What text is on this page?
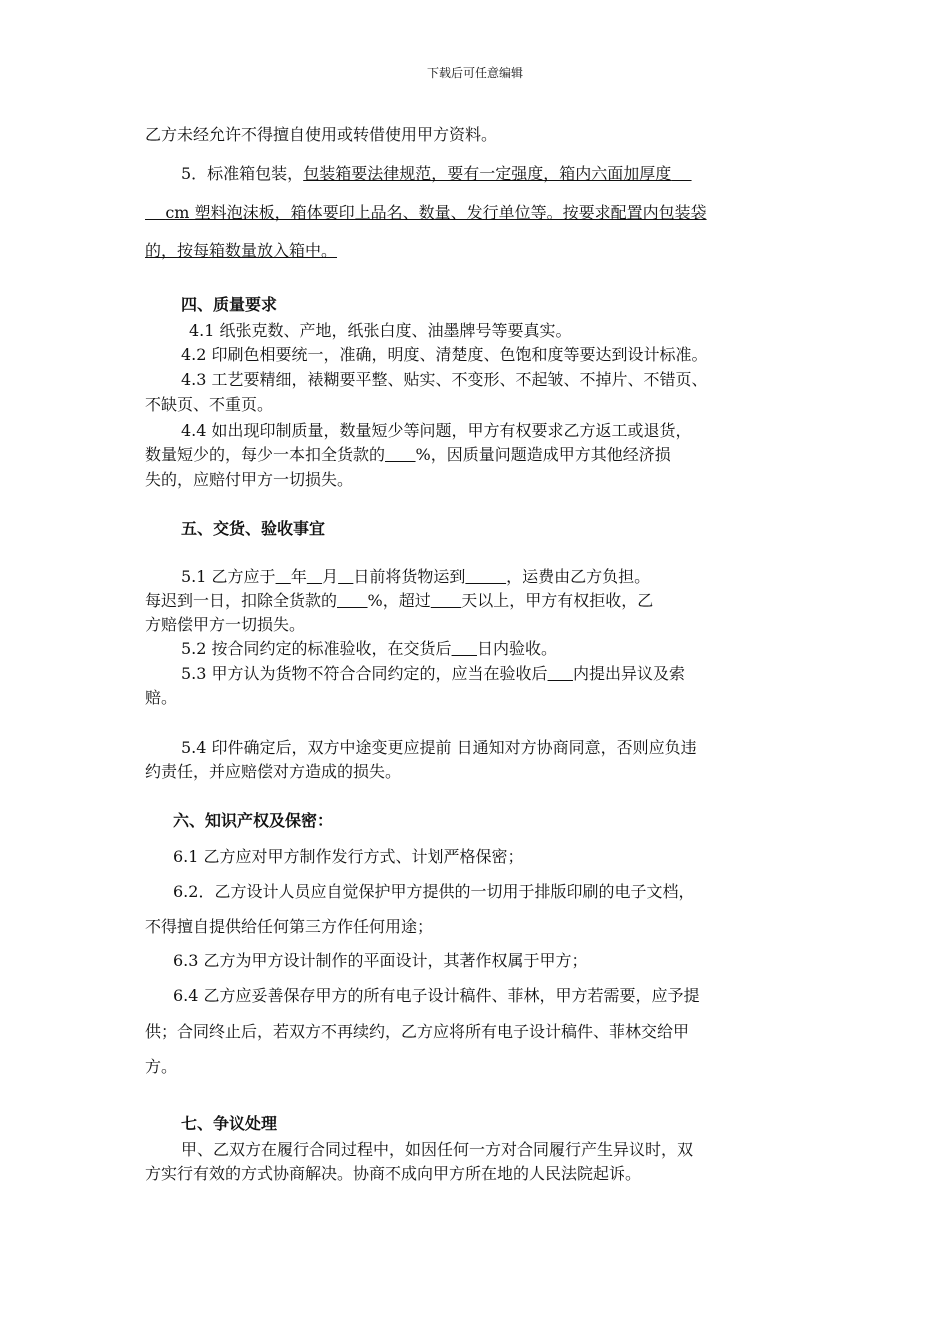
下载后可任意编辑

乙方未经允许不得擅自使用或转借使用甲方资料。

5．标准箱包装，包装箱要法律规范，要有一定强度，箱内六面加厚度

cm 塑料泡沫板，箱体要印上品名、数量、发行单位等。按要求配置内包装袋

的，按每箱数量放入箱中。

四、质量要求

4.1 纸张克数、产地，纸张白度、油墨牌号等要真实。

4.2 印刷色相要统一，准确，明度、清楚度、色饱和度等要达到设计标准。

4.3 工艺要精细，裱糊要平整、贴实、不变形、不起皱、不掉片、不错页、

不缺页、不重页。

4.4 如出现印制质量，数量短少等问题，甲方有权要求乙方返工或退货，

数量短少的，每少一本扣全货款的 %，因质量问题造成甲方其他经济损

失的，应赔付甲方一切损失。

五、交货、验收事宜

5.1 乙方应于 年 月 日前将货物运到	，运费由乙方负担。

每迟到一日，扣除全货款的 %，超过 天以上，甲方有权拒收，乙

方赔偿甲方一切损失。

5.2 按合同约定的标准验收，在交货后 日内验收。

5.3 甲方认为货物不符合合同约定的，应当在验收后 内提出异议及索

赔。

5.4 印件确定后，双方中途变更应提前 日通知对方协商同意，否则应负违

约责任，并应赔偿对方造成的损失。

六、知识产权及保密：

6.1 乙方应对甲方制作发行方式、计划严格保密；

6.2．乙方设计人员应自觉保护甲方提供的一切用于排版印刷的电子文档，

不得擅自提供给任何第三方作任何用途；

6.3 乙方为甲方设计制作的平面设计，其著作权属于甲方；

6.4 乙方应妥善保存甲方的所有电子设计稿件、菲林，甲方若需要，应予提

供；合同终止后，若双方不再续约，乙方应将所有电子设计稿件、菲林交给甲

方。

七、争议处理

甲、乙双方在履行合同过程中，如因任何一方对合同履行产生异议时，双

方实行有效的方式协商解决。协商不成向甲方所在地的人民法院起诉。
